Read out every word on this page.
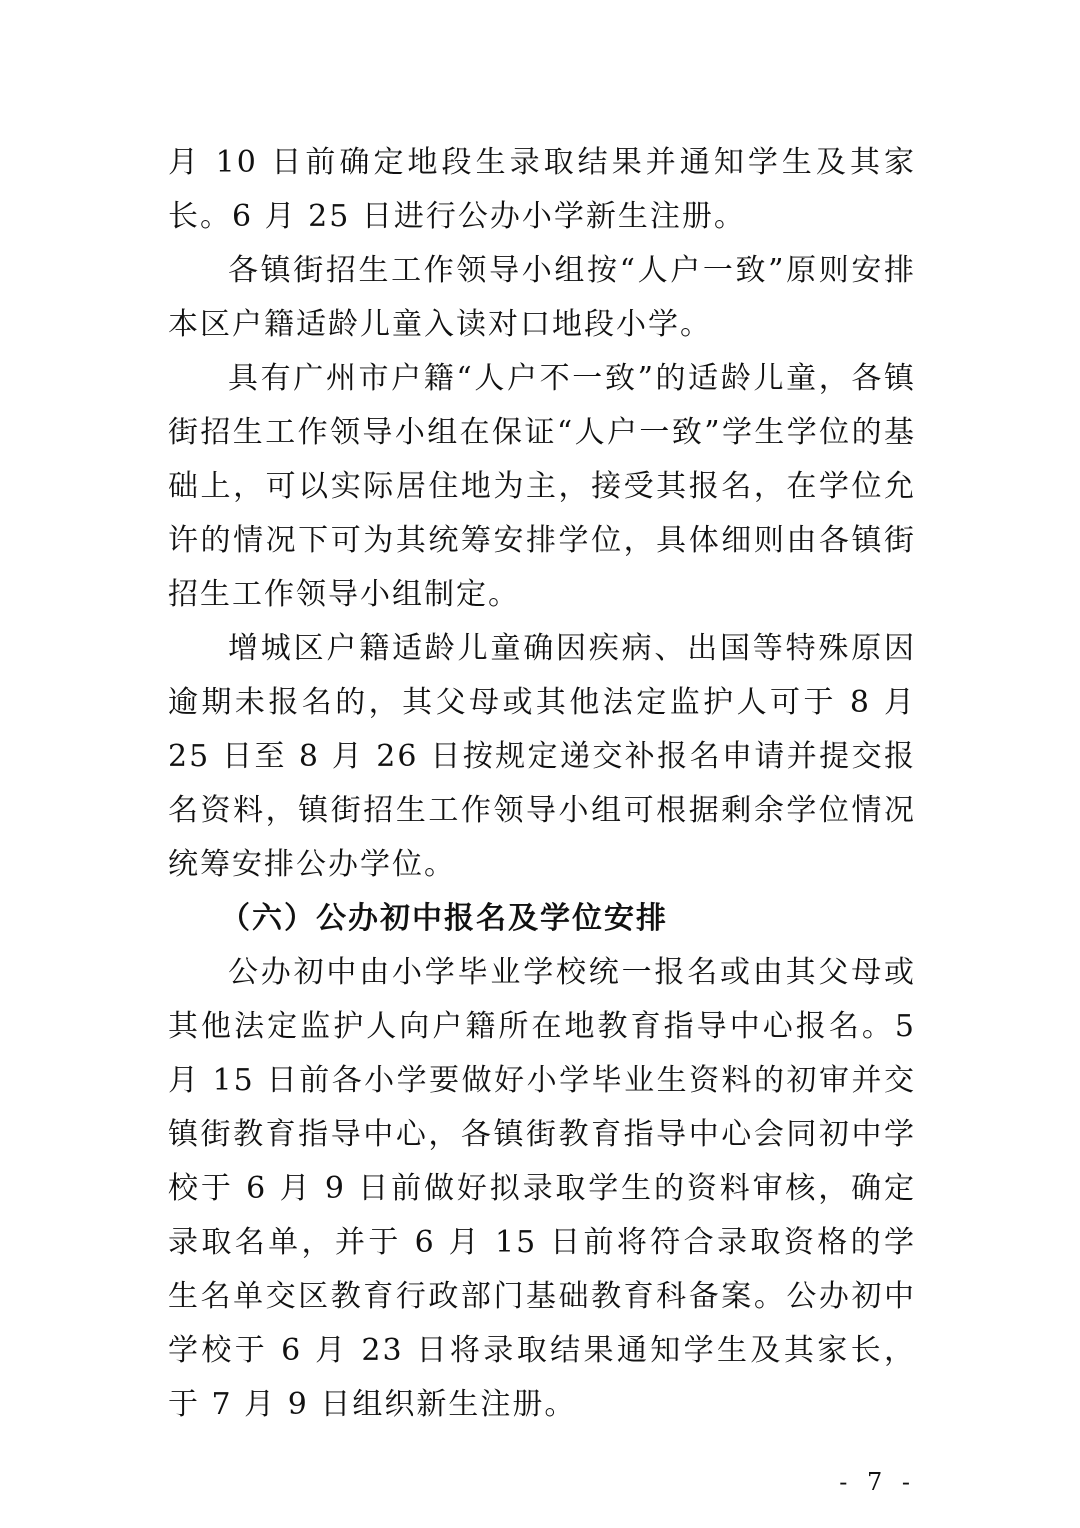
月 10 日前确定地段生录取结果并通知学生及其家长。6 月 25 日进行公办小学新生注册。

各镇街招生工作领导小组按“人户一致”原则安排本区户籍适龄儿童入读对口地段小学。

具有广州市户籍“人户不一致”的适龄儿童，各镇街招生工作领导小组在保证“人户一致”学生学位的基础上，可以实际居住地为主，接受其报名，在学位允许的情况下可为其统筹安排学位，具体细则由各镇街招生工作领导小组制定。

增城区户籍适龄儿童确因疾病、出国等特殊原因逾期未报名的，其父母或其他法定监护人可于 8 月 25 日至 8 月 26 日按规定递交补报名申请并提交报名资料，镇街招生工作领导小组可根据剩余学位情况统筹安排公办学位。

（六）公办初中报名及学位安排

公办初中由小学毕业学校统一报名或由其父母或其他法定监护人向户籍所在地教育指导中心报名。5 月 15 日前各小学要做好小学毕业生资料的初审并交镇街教育指导中心，各镇街教育指导中心会同初中学校于 6 月 9 日前做好拟录取学生的资料审核，确定录取名单，并于 6 月 15 日前将符合录取资格的学生名单交区教育行政部门基础教育科备案。公办初中学校于 6 月 23 日将录取结果通知学生及其家长，于 7 月 9 日组织新生注册。

- 7 -
